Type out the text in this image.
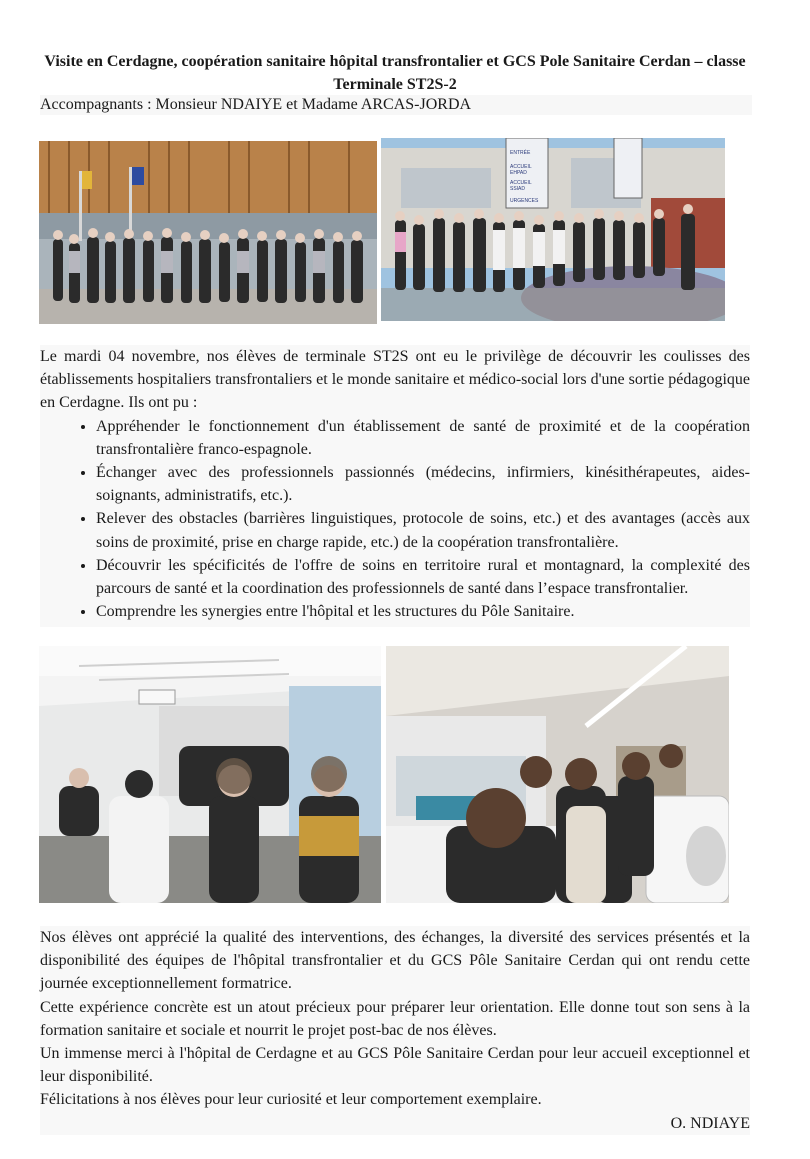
Visite en Cerdagne, coopération sanitaire hôpital transfrontalier et GCS Pole Sanitaire Cerdan – classe Terminale ST2S-2
Accompagnants : Monsieur NDAIYE et Madame ARCAS-JORDA
ENTRÉE
ACCUEIL
EHPAD
ACCUEIL
SSIAD
URGENCES

Le mardi 04 novembre, nos élèves de terminale ST2S ont eu le privilège de découvrir les coulisses des établissements hospitaliers transfrontaliers et le monde sanitaire et médico-social lors d'une sortie pédagogique en Cerdagne. Ils ont pu :

• Appréhender le fonctionnement d'un établissement de santé de proximité et de la coopération transfrontalière franco-espagnole.
• Échanger avec des professionnels passionnés (médecins, infirmiers, kinésithérapeutes, aides-soignants, administratifs, etc.).
• Relever des obstacles (barrières linguistiques, protocole de soins, etc.) et des avantages (accès aux soins de proximité, prise en charge rapide, etc.) de la coopération transfrontalière.
• Découvrir les spécificités de l'offre de soins en territoire rural et montagnard, la complexité des parcours de santé et la coordination des professionnels de santé dans l’espace transfrontalier.
• Comprendre les synergies entre l'hôpital et les structures du Pôle Sanitaire.

Nos élèves ont apprécié la qualité des interventions, des échanges, la diversité des services présentés et la disponibilité des équipes de l'hôpital transfrontalier et du GCS Pôle Sanitaire Cerdan qui ont rendu cette journée exceptionnellement formatrice.

Cette expérience concrète est un atout précieux pour préparer leur orientation. Elle donne tout son sens à la formation sanitaire et sociale et nourrit le projet post-bac de nos élèves.

Un immense merci à l'hôpital de Cerdagne et au GCS Pôle Sanitaire Cerdan pour leur accueil exceptionnel et leur disponibilité.

Félicitations à nos élèves pour leur curiosité et leur comportement exemplaire.

O. NDIAYE
